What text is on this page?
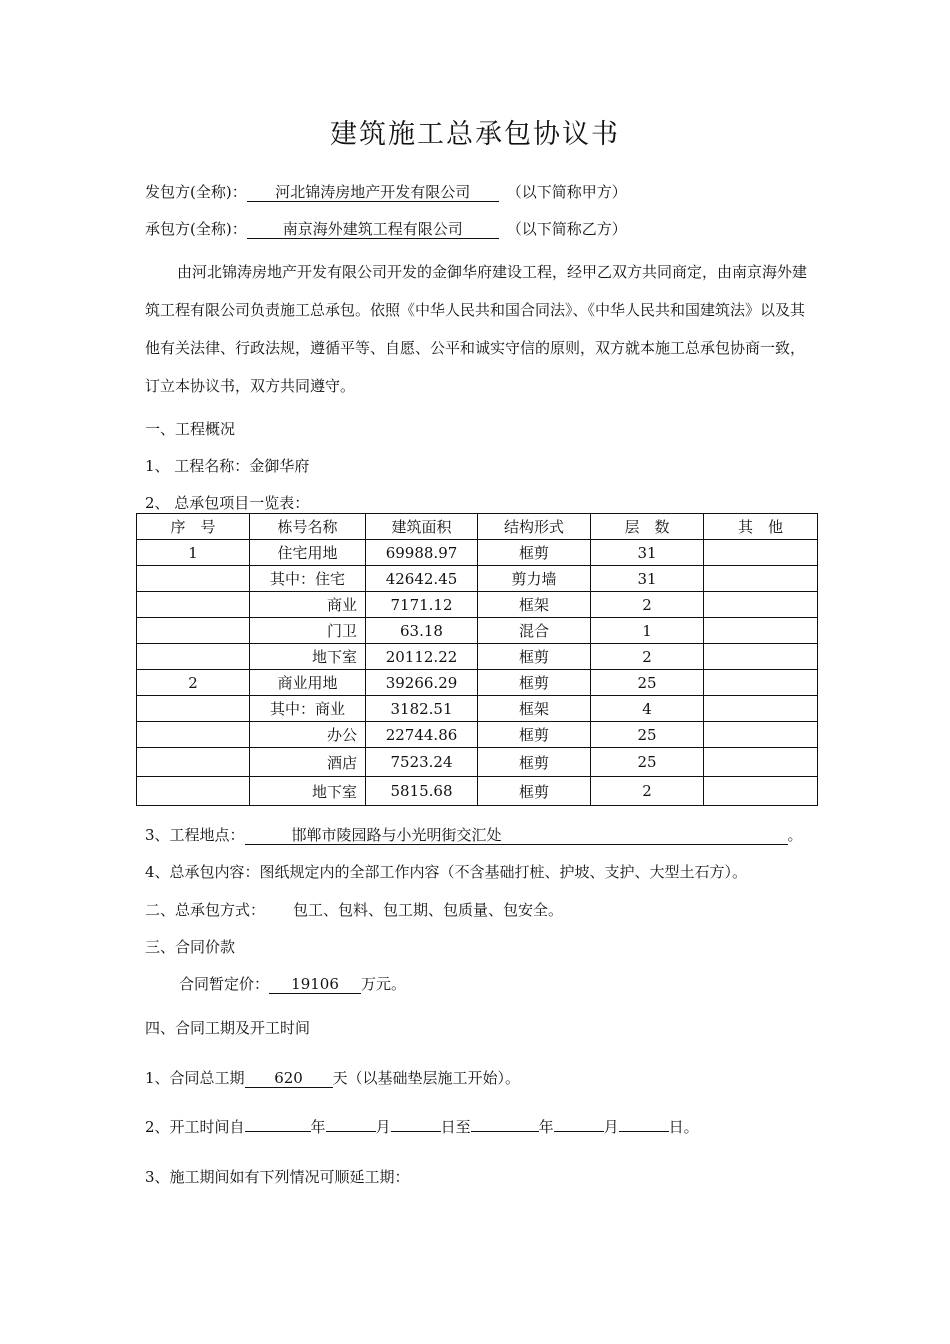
建筑施工总承包协议书
发包方(全称)： 河北锦涛房地产开发有限公司 （以下简称甲方）
承包方(全称)： 南京海外建筑工程有限公司	（以下简称乙方）
由河北锦涛房地产开发有限公司开发的金御华府建设工程，经甲乙双方共同商定，由南京海外建筑工程有限公司负责施工总承包。依照《中华人民共和国合同法》、《中华人民共和国建筑法》以及其他有关法律、行政法规，遵循平等、自愿、公平和诚实守信的原则，双方就本施工总承包协商一致，订立本协议书，双方共同遵守。
一、工程概况
1、 工程名称：金御华府
2、 总承包项目一览表：
序　号	栋号名称	建筑面积	结构形式	层　数	其　他
1	住宅用地	69988.97	框剪	31	
	其中：住宅	42642.45	剪力墙	31	
	商业	7171.12	框架	2	
	门卫	63.18	混合	1	
	地下室	20112.22	框剪	2	
2	商业用地	39266.29	框剪	25	
	其中：商业	3182.51	框架	4	
	办公	22744.86	框剪	25	
	酒店	7523.24	框剪	25	
	地下室	5815.68	框剪	2	
3、工程地点：	邯郸市陵园路与小光明街交汇处	。
4、总承包内容：图纸规定内的全部工作内容（不含基础打桩、护坡、支护、大型土石方）。
二、总承包方式： 包工、包料、包工期、包质量、包安全。
三、合同价款
合同暂定价： 19106 万元。
四、合同工期及开工时间
1、合同总工期 620 天（以基础垫层施工开始）。
2、开工时间自	年	月	日至	年	月	日。
3、施工期间如有下列情况可顺延工期：
